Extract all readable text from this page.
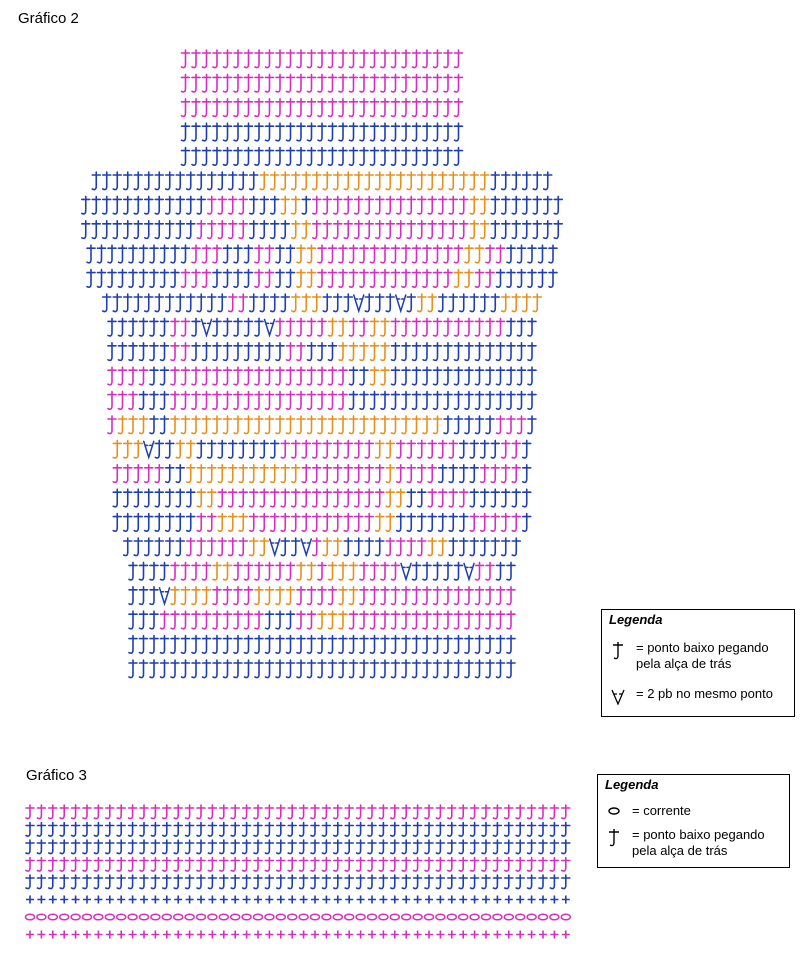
Gráfico 2
Legenda
= ponto baixo pegando
pela alça de trás
= 2 pb no mesmo ponto
Gráfico 3
Legenda
= corrente
= ponto baixo pegando
pela alça de trás
